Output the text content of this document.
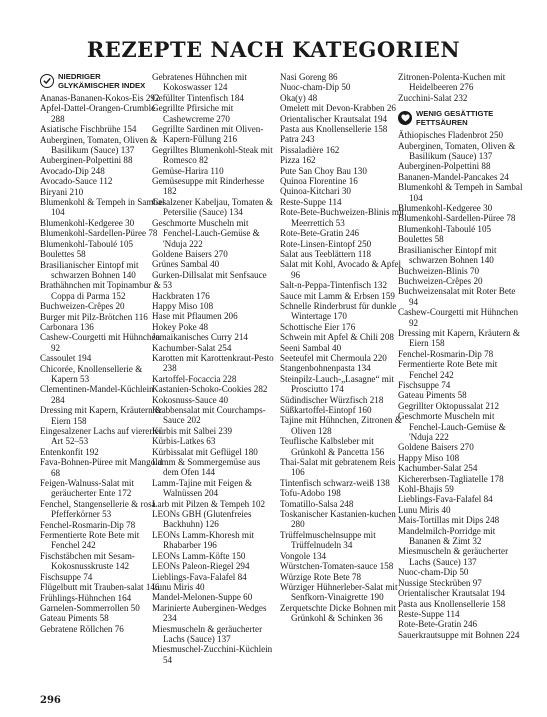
REZEPTE NACH KATEGORIEN
NIEDRIGER
GLYKÄMISCHER INDEX
Ananas-Bananen-Kokos-Eis 292
Apfel-Dattel-Orangen-Crumble 288
Asiatische Fischbrühe 154
Auberginen, Tomaten, Oliven & Basilikum (Sauce) 137
Auberginen-Polpettini 88
Avocado-Dip 248
Avocado-Sauce 112
Biryani 210
Blumenkohl & Tempeh in Sambal 104
Blumenkohl-Kedgeree 30
Blumenkohl-Sardellen-Püree 78
Blumenkohl-Taboulé 105
Boulettes 58
Brasilianischer Eintopf mit schwarzen Bohnen 140
Brathähnchen mit Topinambur & Coppa di Parma 152
Buchweizen-Crêpes 20
Burger mit Pilz-Brötchen 116
Carbonara 136
Cashew-Courgetti mit Hühnchen 92
Cassoulet 194
Chicorée, Knollensellerie & Kapern 53
Clementinen-Mandel-Küchlein 284
Dressing mit Kapern, Kräutern & Eiern 158
Eingesalzener Lachs auf viererlei Art 52–53
Entenkonfit 192
Fava-Bohnen-Püree mit Mangold 68
Feigen-Walnuss-Salat mit geräucherter Ente 172
Fenchel, Stangensellerie & rosa Pfefferkörner 53
Fenchel-Rosmarin-Dip 78
Fermentierte Rote Bete mit Fenchel 242
Fischstäbchen mit Sesam-Kokosnusskruste 142
Fischsuppe 74
Flügelbutt mit Trauben-salat 146
Frühlings-Hühnchen 164
Garnelen-Sommerrollen 50
Gateau Piments 58
Gebratene Röllchen 76
Gebratenes Hühnchen mit Kokoswasser 124
Gefüllter Tintenfisch 184
Gegrillte Pfirsiche mit Cashewcreme 270
Gegrillte Sardinen mit Oliven-Kapern-Füllung 216
Gegrilltes Blumenkohl-Steak mit Romesco 82
Gemüse-Harira 110
Gemüsesuppe mit Rinderhesse 182
Gesalzener Kabeljau, Tomaten & Petersilie (Sauce) 134
Geschmorte Muscheln mit Fenchel-Lauch-Gemüse & 'Nduja 222
Goldene Baisers 270
Grünes Sambal 40
Gurken-Dillsalat mit Senfsauce 53
Hackbraten 176
Happy Miso 108
Hase mit Pflaumen 206
Hokey Poke 48
Jamaikanisches Curry 214
Kachumber-Salat 254
Karotten mit Karottenkraut-Pesto 238
Kartoffel-Focaccia 228
Kastanien-Schoko-Cookies 282
Kokosnuss-Sauce 40
Krabbensalat mit Courchamps-Sauce 202
Kürbis mit Salbei 239
Kürbis-Latkes 63
Kürbissalat mit Geflügel 180
Lamm & Sommergemüse aus dem Ofen 144
Lamm-Tajine mit Feigen & Walnüssen 204
Larb mit Pilzen & Tempeh 102
LEONs GBH (Glutenfreies Backhuhn) 126
LEONs Lamm-Khoresh mit Rhabarber 196
LEONs Lamm-Köfte 150
LEONs Paleon-Riegel 294
Lieblings-Fava-Falafel 84
Lunu Miris 40
Mandel-Melonen-Suppe 60
Marinierte Auberginen-Wedges 234
Miesmuscheln & geräucherter Lachs (Sauce) 137
Miesmuschel-Zucchini-Küchlein 54
Nasi Goreng 86
Nuoc-cham-Dip 50
Oka(y) 48
Omelett mit Devon-Krabben 26
Orientalischer Krautsalat 194
Pasta aus Knollensellerie 158
Patra 243
Pissaladière 162
Pizza 162
Pute San Choy Bau 130
Quinoa Florentine 16
Quinoa-Kitchari 30
Reste-Suppe 114
Rote-Bete-Buchweizen-Blinis mit Meerrettich 53
Rote-Bete-Gratin 246
Rote-Linsen-Eintopf 250
Salat aus Teeblättern 118
Salat mit Kohl, Avocado & Apfel 96
Salt-n-Peppa-Tintenfisch 132
Sauce mit Lamm & Erbsen 159
Schnelle Rinderbrust für dunkle Wintertage 170
Schottische Eier 176
Schwein mit Apfel & Chili 208
Seeni Sambal 40
Seeteufel mit Chermoula 220
Stangenbohnenpasta 134
Steinpilz-Lauch-„Lasagne“ mit Prosciutto 174
Südindischer Würzfisch 218
Süßkartoffel-Eintopf 160
Tajine mit Hühnchen, Zitronen & Oliven 128
Teuflische Kalbsleber mit Grünkohl & Pancetta 156
Thai-Salat mit gebratenem Reis 106
Tintenfisch schwarz-weiß 138
Tofu-Adobo 198
Tomatillo-Salsa 248
Toskanischer Kastanien-kuchen 280
Trüffelmuschelnsuppe mit Trüffelnudeln 34
Vongole 134
Würstchen-Tomaten-sauce 158
Würzige Rote Bete 78
Würziger Hühnerleber-Salat mit Senfkorn-Vinaigrette 190
Zerquetschte Dicke Bohnen mit Grünkohl & Schinken 36
Zitronen-Polenta-Kuchen mit Heidelbeeren 276
Zucchini-Salat 232
WENIG GESÄTTIGTE
FETTSÄUREN
Äthiopisches Fladenbrot 250
Auberginen, Tomaten, Oliven & Basilikum (Sauce) 137
Auberginen-Polpettini 88
Bananen-Mandel-Pancakes 24
Blumenkohl & Tempeh in Sambal 104
Blumenkohl-Kedgeree 30
Blumenkohl-Sardellen-Püree 78
Blumenkohl-Taboulé 105
Boulettes 58
Brasilianischer Eintopf mit schwarzen Bohnen 140
Buchweizen-Blinis 70
Buchweizen-Crêpes 20
Buchweizensalat mit Roter Bete 94
Cashew-Courgetti mit Hühnchen 92
Dressing mit Kapern, Kräutern & Eiern 158
Fenchel-Rosmarin-Dip 78
Fermentierte Rote Bete mit Fenchel 242
Fischsuppe 74
Gateau Piments 58
Gegrillter Oktopussalat 212
Geschmorte Muscheln mit Fenchel-Lauch-Gemüse & 'Nduja 222
Goldene Baisers 270
Happy Miso 108
Kachumber-Salat 254
Kichererbsen-Tagliatelle 178
Kohl-Bhajis 59
Lieblings-Fava-Falafel 84
Lunu Miris 40
Mais-Tortillas mit Dips 248
Mandelmilch-Porridge mit Bananen & Zimt 32
Miesmuscheln & geräucherter Lachs (Sauce) 137
Nuoc-cham-Dip 50
Nussige Steckrüben 97
Orientalischer Krautsalat 194
Pasta aus Knollensellerie 158
Reste-Suppe 114
Rote-Bete-Gratin 246
Sauerkrautsuppe mit Bohnen 224
296
